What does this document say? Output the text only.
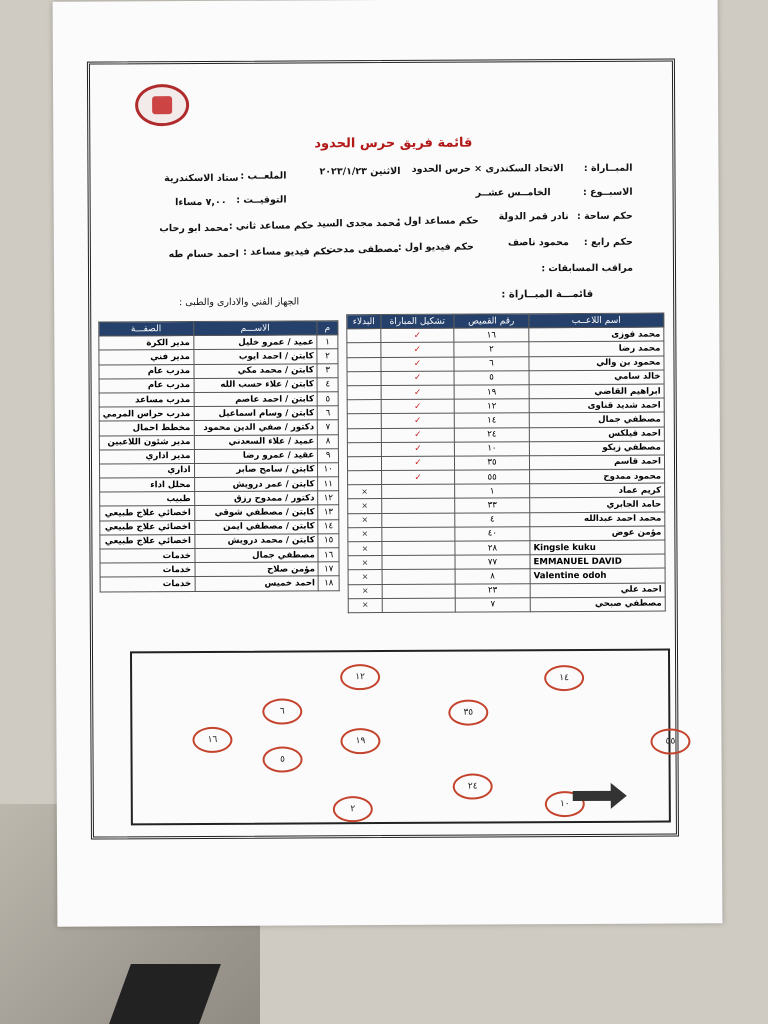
قائمة فريق حرس الحدود
المبــاراة :
الاتحاد السكندرى × حرس الحدود
الاثنين ٢٠٢٣/١/٢٣
الملعــب :
ستاد الاسكندرية
الاسبــوع :
الخامــس عشــر
التوقيــت :
٧,٠٠ مساءا
حكم ساحة :
نادر قمر الدولة
حكم مساعد اول :
محمد مجدى السيد
حكم مساعد ثاني :
محمد ابو رحاب
حكم رابع :
محمود ناصف
حكم فيديو اول :
مصطفى مدحت
حكم فيديو مساعد :
احمد حسام طه
مراقب المسابقات :
قائمـــة المبــاراة :
الجهاز الفني والادارى والطبى :
اسم اللاعــب	رقم القميص	تشكيل المباراة	البدلاء
محمد فوزى	١٦	✓	
محمد رضا	٢	✓	
محمود بن والي	٦	✓	
خالد سامي	٥	✓	
ابراهيم القاضي	١٩	✓	
احمد شديد قناوى	١٢	✓	
مصطفي جمال	١٤	✓	
احمد فيلكس	٢٤	✓	
مصطفي زيكو	١٠	✓	
احمد قاسم	٣٥	✓	
محمود ممدوح	٥٥	✓	
كريم عماد	١		×
حامد الجابري	٣٣		×
محمد احمد عبدالله	٤		×
مؤمن عوض	٤٠		×
Kingsle kuku	٢٨		×
EMMANUEL DAVID	٧٧		×
Valentine odoh	٨		×
احمد علي	٢٣		×
مصطفي صبحي	٧		×
م	الاســـم	الصفـــة
١	عميد / عمرو خليل	مدير الكرة
٢	كابتن / احمد ايوب	مدير فني
٣	كابتن / محمد مكي	مدرب عام
٤	كابتن / علاء حسب الله	مدرب عام
٥	كابتن / احمد عاصم	مدرب مساعد
٦	كابتن / وسام اسماعيل	مدرب حراس المرمي
٧	دكتور / صفي الدين محمود	مخطط احمال
٨	عميد / علاء السعدني	مدير شئون اللاعبين
٩	عقيد / عمرو رضا	مدير اداري
١٠	كابتن / سامح صابر	اداري
١١	كابتن / عمر درويش	محلل اداء
١٢	دكتور / ممدوح رزق	طبيب
١٣	كابتن / مصطفي شوقي	اخصائي علاج طبيعي
١٤	كابتن / مصطفي ايمن	اخصائي علاج طبيعي
١٥	كابتن / محمد درويش	اخصائي علاج طبيعي
١٦	مصطفي جمال	خدمات
١٧	مؤمن صلاح	خدمات
١٨	احمد خميس	خدمات
١٢	١٤
٦	٣٥
١٦	١٩	٥٥
٥
٢٤
٢
١٠
